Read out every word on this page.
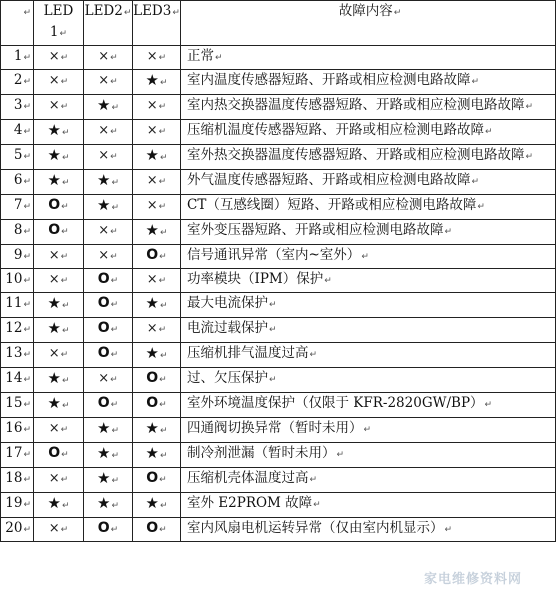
↵	LED 1↵	LED2↵	LED3↵	故障内容↵
1↵	×↵	×↵	×↵	正常↵
2↵	×↵	×↵	★↵	室内温度传感器短路、开路或相应检测电路故障↵
3↵	×↵	★↵	×↵	室内热交换器温度传感器短路、开路或相应检测电路故障↵
4↵	★↵	×↵	×↵	压缩机温度传感器短路、开路或相应检测电路故障↵
5↵	★↵	×↵	★↵	室外热交换器温度传感器短路、开路或相应检测电路故障↵
6↵	★↵	★↵	×↵	外气温度传感器短路、开路或相应检测电路故障↵
7↵	O↵	★↵	×↵	CT（互感线圈）短路、开路或相应检测电路故障↵
8↵	O↵	×↵	★↵	室外变压器短路、开路或相应检测电路故障↵
9↵	×↵	×↵	O↵	信号通讯异常（室内~室外）↵
10↵	×↵	O↵	×↵	功率模块（IPM）保护↵
11↵	★↵	O↵	★↵	最大电流保护↵
12↵	★↵	O↵	×↵	电流过载保护↵
13↵	×↵	O↵	★↵	压缩机排气温度过高↵
14↵	★↵	×↵	O↵	过、欠压保护↵
15↵	★↵	O↵	O↵	室外环境温度保护（仅限于 KFR-2820GW/BP）↵
16↵	×↵	★↵	★↵	四通阀切换异常（暂时未用）↵
17↵	O↵	★↵	★↵	制冷剂泄漏（暂时未用）↵
18↵	×↵	★↵	O↵	压缩机壳体温度过高↵
19↵	★↵	★↵	★↵	室外 E2PROM 故障↵
20↵	×↵	O↵	O↵	室内风扇电机运转异常（仅由室内机显示）↵
家电维修资料网
